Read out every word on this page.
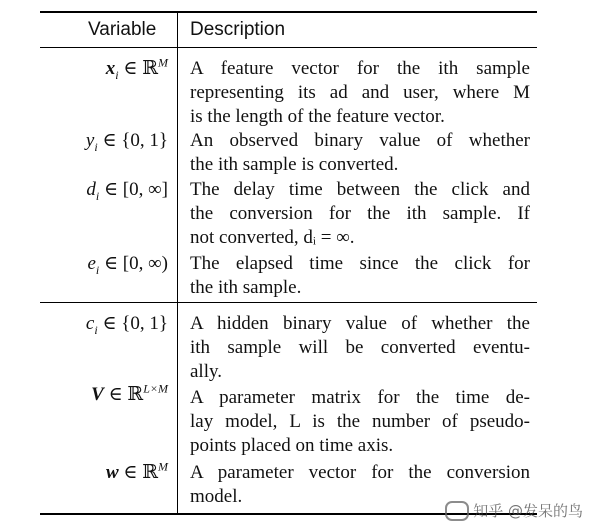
Variable Description
$x_i$ ∈ ℝ$^M$ A feature vector for the ith sample
representing its ad and user, where M
is the length of the feature vector.
$y_i$ ∈ {0, 1} An observed binary value of whether
the ith sample is converted.
$d_i$ ∈ [0, ∞] The delay time between the click and
the conversion for the ith sample. If
not converted, dᵢ = ∞.
$e_i$ ∈ [0, ∞) The elapsed time since the click for
the ith sample.
$c_i$ ∈ {0, 1} A hidden binary value of whether the
ith sample will be converted eventu-
ally.
V ∈ ℝ$^{L\times M}$ A parameter matrix for the time de-
lay model, L is the number of pseudo-
points placed on time axis.
w ∈ ℝ$^M$ A parameter vector for the conversion
model.
知乎 @发呆的鸟
